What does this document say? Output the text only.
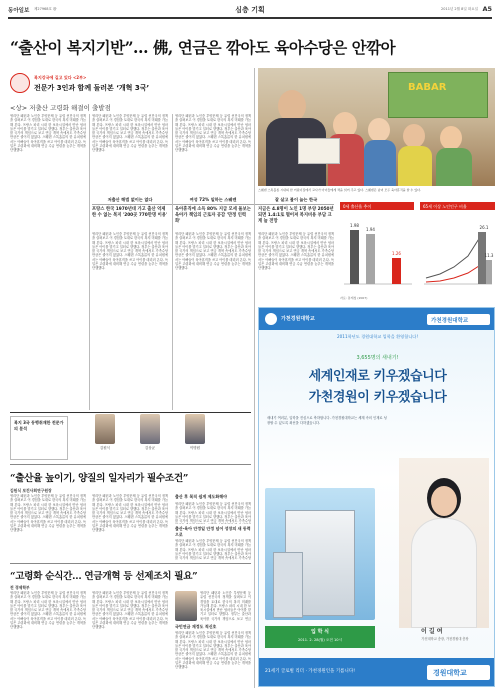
동아일보 제27968호 @	심층 기획	2011년 2월 8일 화요일 A5
“출산이 복지기반”… 佛, 연금은 깎아도 육아수당은 안깎아
복지강국에 길고 있다 <2부>
전문가 3인과 함께 둘러본 ‘개혁 3국’
<상> 저출산 고령화 해결이 출발점
BABAR
스웨덴 스톡홀름 시내의 한 어린이집에서 교사가 아이들에게 책을 읽어 주고 있다. 스웨덴은 남녀 모두 육아휴직을 쓸 수 있다.
영리단 패턴과 노인층 부양문제 등 유럽 선진국의 정책을 살펴보고 이 경험을 토대로 한국의 복지 미래를 가늠해 본다. 프랑스 파리 시내 한 보육시설에서 만난 엄마들은 아이를 맡기고 일터로 향했다. 정부는 출산과 육아를 국가의 책임으로 보고 연금 개혁 속에서도 가족수당만큼은 줄이지 않았다. 스웨덴 스톡홀름의 한 유치원에서는 아빠들이 육아휴직을 쓰고 아이를 데리러 온다. 독일은 고령화에 대비해 연금 수급 연령을 늦추는 개혁을 단행했다.
영리단 패턴과 노인층 부양문제 등 유럽 선진국의 정책을 살펴보고 이 경험을 토대로 한국의 복지 미래를 가늠해 본다. 프랑스 파리 시내 한 보육시설에서 만난 엄마들은 아이를 맡기고 일터로 향했다. 정부는 출산과 육아를 국가의 책임으로 보고 연금 개혁 속에서도 가족수당만큼은 줄이지 않았다. 스웨덴 스톡홀름의 한 유치원에서는 아빠들이 육아휴직을 쓰고 아이를 데리러 온다. 독일은 고령화에 대비해 연금 수급 연령을 늦추는 개혁을 단행했다.
영리단 패턴과 노인층 부양문제 등 유럽 선진국의 정책을 살펴보고 이 경험을 토대로 한국의 복지 미래를 가늠해 본다. 프랑스 파리 시내 한 보육시설에서 만난 엄마들은 아이를 맡기고 일터로 향했다. 정부는 출산과 육아를 국가의 책임으로 보고 연금 개혁 속에서도 가족수당만큼은 줄이지 않았다. 스웨덴 스톡홀름의 한 유치원에서는 아빠들이 육아휴직을 쓰고 아이를 데리러 온다. 독일은 고령화에 대비해 연금 수급 연령을 늦추는 개혁을 단행했다.
저출산 해법 없이는 없다	여성 72% 일하는 스웨덴	잘 살고 볼이 늙는 한국
프랑스 한국 1970년대 가고 출산 억제한 수 없는 복지 '200곳 770만명 이용'
육아휴직에 소득 80% 지급 모세 돌보는 육아가 책임의 근로자 공감 '만정 인력화'
지금은 4.8명이 노인 1명 부양 2050년 되면 1.4:1로 떨어져 복지비용 부담 크게 늘 전망
영리단 패턴과 노인층 부양문제 등 유럽 선진국의 정책을 살펴보고 이 경험을 토대로 한국의 복지 미래를 가늠해 본다. 프랑스 파리 시내 한 보육시설에서 만난 엄마들은 아이를 맡기고 일터로 향했다. 정부는 출산과 육아를 국가의 책임으로 보고 연금 개혁 속에서도 가족수당만큼은 줄이지 않았다. 스웨덴 스톡홀름의 한 유치원에서는 아빠들이 육아휴직을 쓰고 아이를 데리러 온다. 독일은 고령화에 대비해 연금 수급 연령을 늦추는 개혁을 단행했다.
영리단 패턴과 노인층 부양문제 등 유럽 선진국의 정책을 살펴보고 이 경험을 토대로 한국의 복지 미래를 가늠해 본다. 프랑스 파리 시내 한 보육시설에서 만난 엄마들은 아이를 맡기고 일터로 향했다. 정부는 출산과 육아를 국가의 책임으로 보고 연금 개혁 속에서도 가족수당만큼은 줄이지 않았다. 스웨덴 스톡홀름의 한 유치원에서는 아빠들이 육아휴직을 쓰고 아이를 데리러 온다. 독일은 고령화에 대비해 연금 수급 연령을 늦추는 개혁을 단행했다.
영리단 패턴과 노인층 부양문제 등 유럽 선진국의 정책을 살펴보고 이 경험을 토대로 한국의 복지 미래를 가늠해 본다. 프랑스 파리 시내 한 보육시설에서 만난 엄마들은 아이를 맡기고 일터로 향했다. 정부는 출산과 육아를 국가의 책임으로 보고 연금 개혁 속에서도 가족수당만큼은 줄이지 않았다. 스웨덴 스톡홀름의 한 유치원에서는 아빠들이 육아휴직을 쓰고 아이를 데리러 온다. 독일은 고령화에 대비해 연금 수급 연령을 늦추는 개혁을 단행했다.
0세 출산율 추이	65세 이상 노인인구 비율
1.98
1.94
1.26
26.1
11.3
자료: 통계청 (2007)
복지 3국 동행취재한 전문가의 분석
김원식	김상균	이명원
“출산율 높이기, 양질의 일자리가 필수조건”
김원식 보건사회연구원장
영리단 패턴과 노인층 부양문제 등 유럽 선진국의 정책을 살펴보고 이 경험을 토대로 한국의 복지 미래를 가늠해 본다. 프랑스 파리 시내 한 보육시설에서 만난 엄마들은 아이를 맡기고 일터로 향했다. 정부는 출산과 육아를 국가의 책임으로 보고 연금 개혁 속에서도 가족수당만큼은 줄이지 않았다. 스웨덴 스톡홀름의 한 유치원에서는 아빠들이 육아휴직을 쓰고 아이를 데리러 온다. 독일은 고령화에 대비해 연금 수급 연령을 늦추는 개혁을 단행했다.
영리단 패턴과 노인층 부양문제 등 유럽 선진국의 정책을 살펴보고 이 경험을 토대로 한국의 복지 미래를 가늠해 본다. 프랑스 파리 시내 한 보육시설에서 만난 엄마들은 아이를 맡기고 일터로 향했다. 정부는 출산과 육아를 국가의 책임으로 보고 연금 개혁 속에서도 가족수당만큼은 줄이지 않았다. 스웨덴 스톡홀름의 한 유치원에서는 아빠들이 육아휴직을 쓰고 아이를 데리러 온다. 독일은 고령화에 대비해 연금 수급 연령을 늦추는 개혁을 단행했다.
출산 후 복직 쉽게 제도화해야
영리단 패턴과 노인층 부양문제 등 유럽 선진국의 정책을 살펴보고 이 경험을 토대로 한국의 복지 미래를 가늠해 본다. 프랑스 파리 시내 한 보육시설에서 만난 엄마들은 아이를 맡기고 일터로 향했다. 정부는 출산과 육아를 국가의 책임으로 보고 연금 개혁 속에서도 가족수당
출산·육아 안정일 안정 넘어 성장의 새 동력으로
영리단 패턴과 노인층 부양문제 등 유럽 선진국의 정책을 살펴보고 이 경험을 토대로 한국의 복지 미래를 가늠해 본다. 프랑스 파리 시내 한 보육시설에서 만난 엄마들은 아이를 맡기고 일터로 향했다. 정부는 출산과 육아를 국가의 책임으로 보고 연금 개혁 속에서도 가족수당
“고령화 순식간… 연금개혁 등 선제조치 필요”
전 경제학부
영리단 패턴과 노인층 부양문제 등 유럽 선진국의 정책을 살펴보고 이 경험을 토대로 한국의 복지 미래를 가늠해 본다. 프랑스 파리 시내 한 보육시설에서 만난 엄마들은 아이를 맡기고 일터로 향했다. 정부는 출산과 육아를 국가의 책임으로 보고 연금 개혁 속에서도 가족수당만큼은 줄이지 않았다. 스웨덴 스톡홀름의 한 유치원에서는 아빠들이 육아휴직을 쓰고 아이를 데리러 온다. 독일은 고령화에 대비해 연금 수급 연령을 늦추는 개혁을 단행했다.
영리단 패턴과 노인층 부양문제 등 유럽 선진국의 정책을 살펴보고 이 경험을 토대로 한국의 복지 미래를 가늠해 본다. 프랑스 파리 시내 한 보육시설에서 만난 엄마들은 아이를 맡기고 일터로 향했다. 정부는 출산과 육아를 국가의 책임으로 보고 연금 개혁 속에서도 가족수당만큼은 줄이지 않았다. 스웨덴 스톡홀름의 한 유치원에서는 아빠들이 육아휴직을 쓰고 아이를 데리러 온다. 독일은 고령화에 대비해 연금 수급 연령을 늦추는 개혁을 단행했다.
영리단 패턴과 노인층 부양문제 등 유럽 선진국의 정책을 살펴보고 이 경험을 토대로 한국의 복지 미래를 가늠해 본다. 프랑스 파리 시내 한 보육시설에서 만난 엄마들은 아이를 맡기고 일터로 향했다. 정부는 출산과 육아를 국가의 책임으로 보고 연금
국민연금 재정도 적신호
영리단 패턴과 노인층 부양문제 등 유럽 선진국의 정책을 살펴보고 이 경험을 토대로 한국의 복지 미래를 가늠해 본다. 프랑스 파리 시내 한 보육시설에서 만난 엄마들은 아이를 맡기고 일터로 향했다. 정부는 출산과 육아를 국가의 책임으로 보고 연금 개혁 속에서도 가족수당만큼은 줄이지 않았다. 스웨덴 스톡홀름의 한 유치원에서는 아빠들이 육아휴직을 쓰고 아이를 데리러 온다. 독일은 고령화에 대비해 연금 수급 연령을 늦추는 개혁을 단행했다.
가천경원대학교	가천경원대학교
2011학년도 경원대학교 입학을 환영합니다!
3,655명의 새내기!
세계인재로 키우겠습니다
가천경원이 키우겠습니다
새내기 여러분, 입학을 진심으로 축하합니다. 가천경원대학교는 세계 속의 인재로 성장할 수 있도록 최선을 다하겠습니다.
이 길 여
가천대학교 총장, 가천경원대 총장
입 학 식
2011. 2. 28(월) 오전 10시
21세기 글로벌 리더 · 가천경원인을 기릅니다!	경원대학교
